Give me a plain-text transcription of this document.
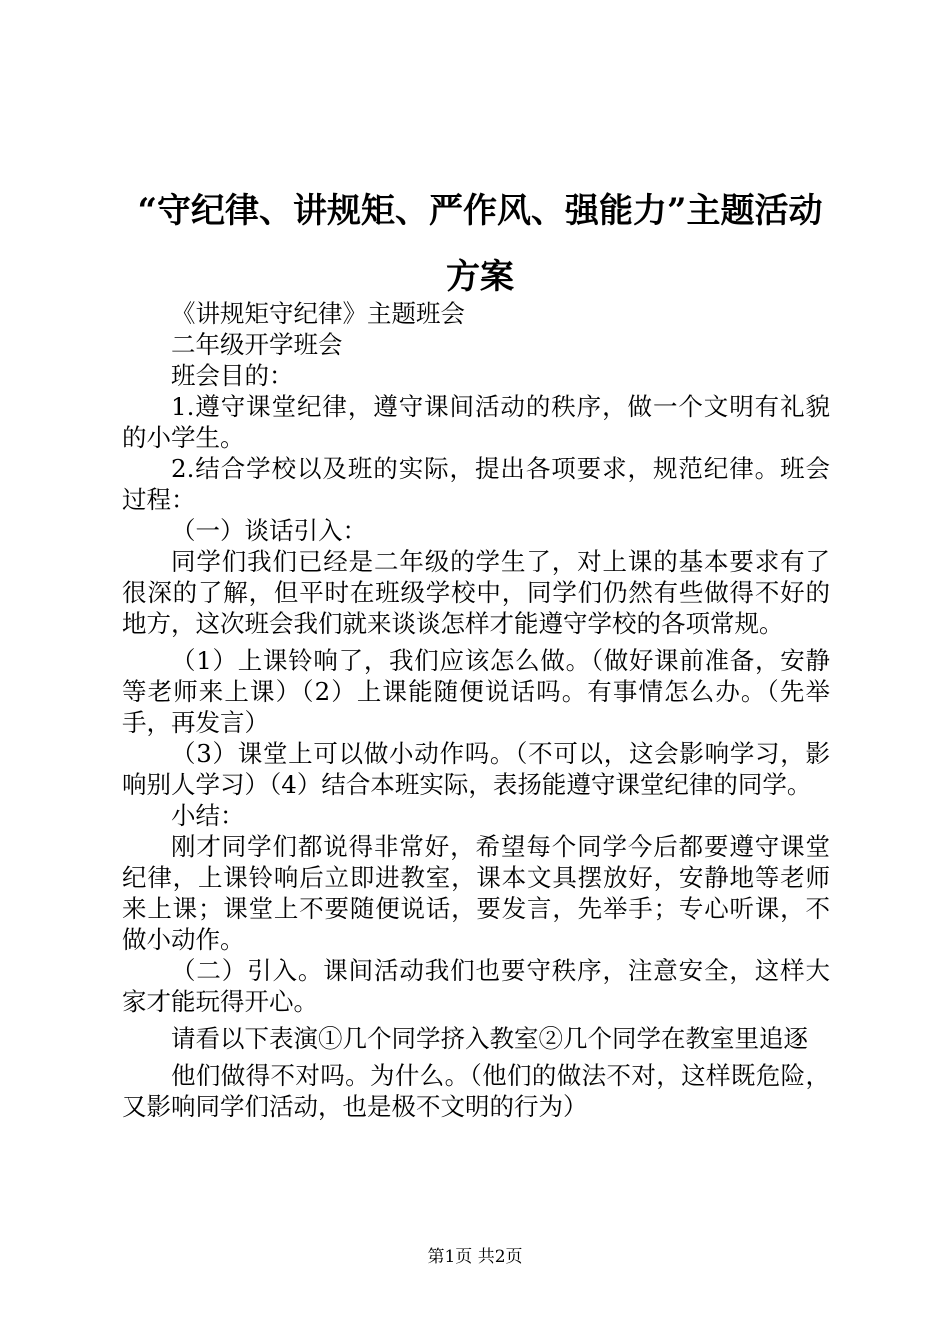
“守纪律、讲规矩、严作风、强能力”主题活动方案

《讲规矩守纪律》主题班会

二年级开学班会

班会目的：

1.遵守课堂纪律，遵守课间活动的秩序，做一个文明有礼貌的小学生。

2.结合学校以及班的实际，提出各项要求，规范纪律。班会过程：

（一）谈话引入：

同学们我们已经是二年级的学生了，对上课的基本要求有了很深的了解，但平时在班级学校中，同学们仍然有些做得不好的地方，这次班会我们就来谈谈怎样才能遵守学校的各项常规。

（1）上课铃响了，我们应该怎么做。（做好课前准备，安静等老师来上课）（2）上课能随便说话吗。有事情怎么办。（先举手，再发言）

（3）课堂上可以做小动作吗。（不可以，这会影响学习，影响别人学习）（4）结合本班实际，表扬能遵守课堂纪律的同学。

小结：

刚才同学们都说得非常好，希望每个同学今后都要遵守课堂纪律，上课铃响后立即进教室，课本文具摆放好，安静地等老师来上课；课堂上不要随便说话，要发言，先举手；专心听课，不做小动作。

（二）引入。课间活动我们也要守秩序，注意安全，这样大家才能玩得开心。

请看以下表演①几个同学挤入教室②几个同学在教室里追逐

他们做得不对吗。为什么。（他们的做法不对，这样既危险，又影响同学们活动，也是极不文明的行为）

第1页 共2页
